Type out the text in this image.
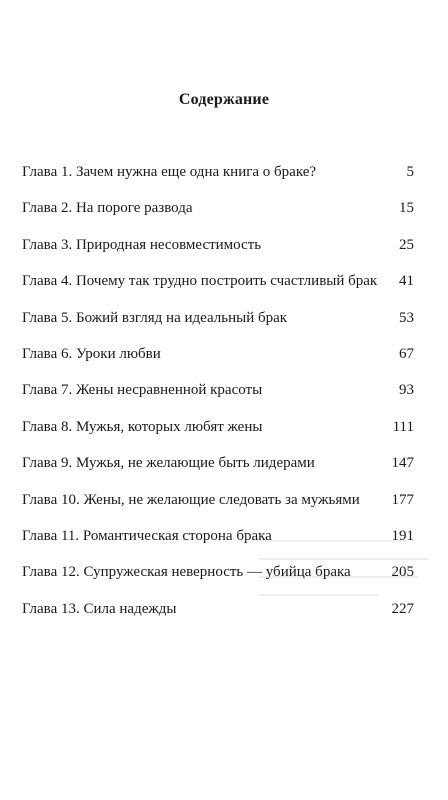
Содержание
Глава 1. Зачем нужна еще одна книга о браке?	5
Глава 2. На пороге развода	15
Глава 3. Природная несовместимость	25
Глава 4. Почему так трудно построить счастливый брак 41
Глава 5. Божий взгляд на идеальный брак	53
Глава 6. Уроки любви	67
Глава 7. Жены несравненной красоты	93
Глава 8. Мужья, которых любят жены	111
Глава 9. Мужья, не желающие быть лидерами	147
Глава 10. Жены, не желающие следовать за мужьями 177
Глава 11. Романтическая сторона брака	191
Глава 12. Супружеская неверность — убийца брака	205
Глава 13. Сила надежды	227
